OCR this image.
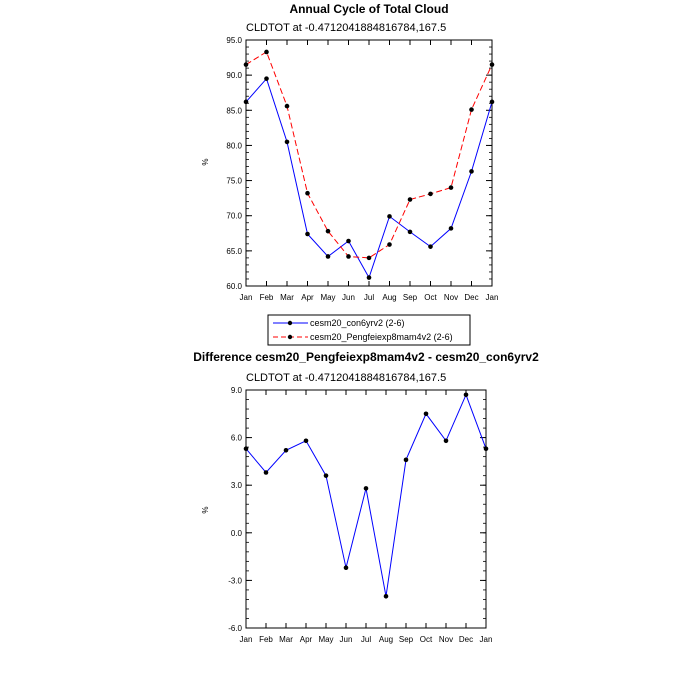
Annual Cycle of Total Cloud
CLDTOT at -0.4712041884816784,167.5
%
Jan Feb Mar Apr May Jun Jul Aug Sep Oct Nov Dec Jan
60.0
65.0
70.0
75.0
80.0
85.0
90.0
95.0
cesm20_con6yrv2 (2-6)
cesm20_Pengfeiexp8mam4v2 (2-6)
Difference cesm20_Pengfeiexp8mam4v2 - cesm20_con6yrv2
CLDTOT at -0.4712041884816784,167.5
%
Jan Feb Mar Apr May Jun Jul Aug Sep Oct Nov Dec Jan
-6.0
-3.0
0.0
3.0
6.0
9.0
